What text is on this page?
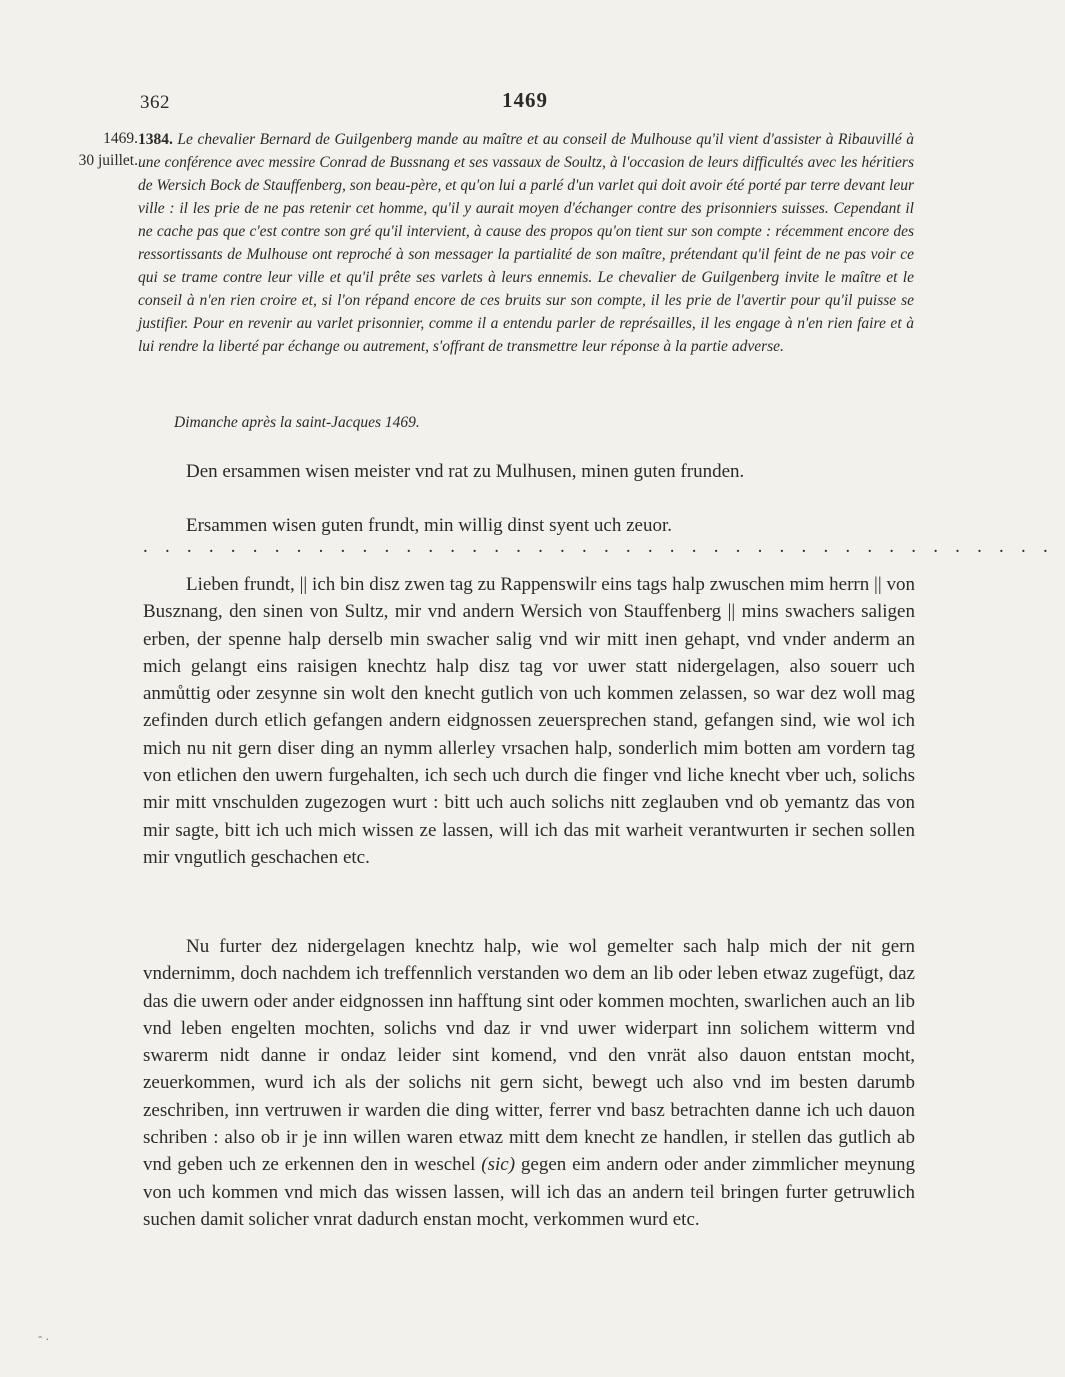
362	1469
1469.
30 juillet.
1384. Le chevalier Bernard de Guilgenberg mande au maître et au conseil de Mulhouse qu'il vient d'assister à Ribauvillé à une conférence avec messire Conrad de Bussnang et ses vassaux de Soultz, à l'occasion de leurs difficultés avec les héritiers de Wersich Bock de Stauffenberg, son beau-père, et qu'on lui a parlé d'un varlet qui doit avoir été porté par terre devant leur ville : il les prie de ne pas retenir cet homme, qu'il y aurait moyen d'échanger contre des prisonniers suisses. Cependant il ne cache pas que c'est contre son gré qu'il intervient, à cause des propos qu'on tient sur son compte : récemment encore des ressortissants de Mulhouse ont reproché à son messager la partialité de son maître, prétendant qu'il feint de ne pas voir ce qui se trame contre leur ville et qu'il prête ses varlets à leurs ennemis. Le chevalier de Guilgenberg invite le maître et le conseil à n'en rien croire et, si l'on répand encore de ces bruits sur son compte, il les prie de l'avertir pour qu'il puisse se justifier. Pour en revenir au varlet prisonnier, comme il a entendu parler de représailles, il les engage à n'en rien faire et à lui rendre la liberté par échange ou autrement, s'offrant de transmettre leur réponse à la partie adverse.
Dimanche après la saint-Jacques 1469.
Den ersammen wisen meister vnd rat zu Mulhusen, minen guten frunden.
Ersammen wisen guten frundt, min willig dinst syent uch zeuor.
..........................................
Lieben frundt, || ich bin disz zwen tag zu Rappenswilr eins tags halp zwuschen mim herrn || von Busznang, den sinen von Sultz, mir vnd andern Wersich von Stauffenberg || mins swachers saligen erben, der spenne halp derselb min swacher salig vnd wir mitt inen gehapt, vnd vnder anderm an mich gelangt eins raisigen knechtz halp disz tag vor uwer statt nidergelagen, also souerr uch anmůttig oder zesynne sin wolt den knecht gutlich von uch kommen zelassen, so war dez woll mag zefinden durch etlich gefangen andern eidgnossen zeuersprechen stand, gefangen sind, wie wol ich mich nu nit gern diser ding an nymm allerley vrsachen halp, sonderlich mim botten am vordern tag von etlichen den uwern furgehalten, ich sech uch durch die finger vnd liche knecht vber uch, solichs mir mitt vnschulden zugezogen wurt : bitt uch auch solichs nitt zeglauben vnd ob yemantz das von mir sagte, bitt ich uch mich wissen ze lassen, will ich das mit warheit verantwurten ir sechen sollen mir vngutlich geschachen etc.
Nu furter dez nidergelagen knechtz halp, wie wol gemelter sach halp mich der nit gern vndernimm, doch nachdem ich treffennlich verstanden wo dem an lib oder leben etwaz zugefügt, daz das die uwern oder ander eidgnossen inn hafftung sint oder kommen mochten, swarlichen auch an lib vnd leben engelten mochten, solichs vnd daz ir vnd uwer widerpart inn solichem witterm vnd swarerm nidt danne ir ondaz leider sint komend, vnd den vnrät also dauon entstan mocht, zeuerkommen, wurd ich als der solichs nit gern sicht, bewegt uch also vnd im besten darumb zeschriben, inn vertruwen ir warden die ding witter, ferrer vnd basz betrachten danne ich uch dauon schriben : also ob ir je inn willen waren etwaz mitt dem knecht ze handlen, ir stellen das gutlich ab vnd geben uch ze erkennen den in weschel (sic) gegen eim andern oder ander zimmlicher meynung von uch kommen vnd mich das wissen lassen, will ich das an andern teil bringen furter getruwlich suchen damit solicher vnrat dadurch enstan mocht, verkommen wurd etc.
- .
